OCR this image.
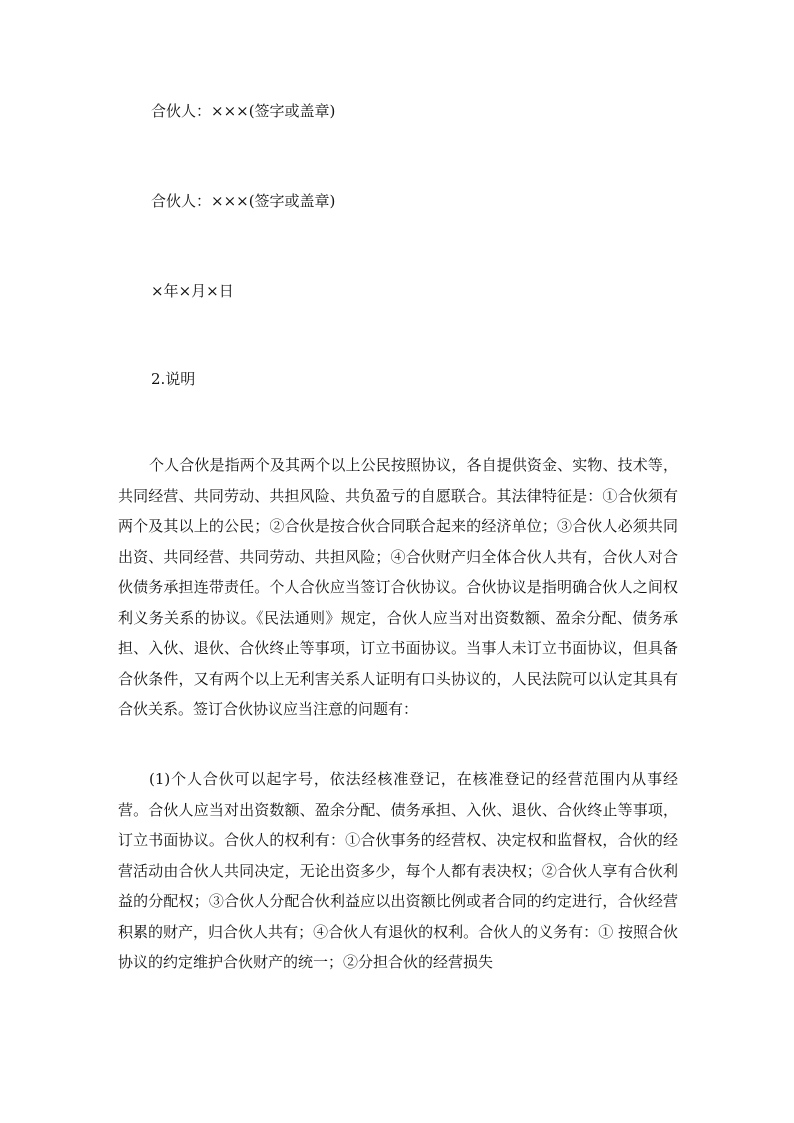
合伙人：×××(签字或盖章)
合伙人：×××(签字或盖章)
×年×月×日
2.说明

个人合伙是指两个及其两个以上公民按照协议，各自提供资金、实物、技术等，共同经营、共同劳动、共担风险、共负盈亏的自愿联合。其法律特征是：①合伙须有两个及其以上的公民；②合伙是按合伙合同联合起来的经济单位；③合伙人必须共同出资、共同经营、共同劳动、共担风险；④合伙财产归全体合伙人共有，合伙人对合伙债务承担连带责任。个人合伙应当签订合伙协议。合伙协议是指明确合伙人之间权利义务关系的协议。《民法通则》规定，合伙人应当对出资数额、盈余分配、债务承担、入伙、退伙、合伙终止等事项，订立书面协议。当事人未订立书面协议，但具备合伙条件，又有两个以上无利害关系人证明有口头协议的，人民法院可以认定其具有合伙关系。签订合伙协议应当注意的问题有：

(1)个人合伙可以起字号，依法经核准登记，在核准登记的经营范围内从事经营。合伙人应当对出资数额、盈余分配、债务承担、入伙、退伙、合伙终止等事项，订立书面协议。合伙人的权利有：①合伙事务的经营权、决定权和监督权，合伙的经营活动由合伙人共同决定，无论出资多少，每个人都有表决权；②合伙人享有合伙利益的分配权；③合伙人分配合伙利益应以出资额比例或者合同的约定进行，合伙经营积累的财产，归合伙人共有；④合伙人有退伙的权利。合伙人的义务有：① 按照合伙协议的约定维护合伙财产的统一；②分担合伙的经营损失
